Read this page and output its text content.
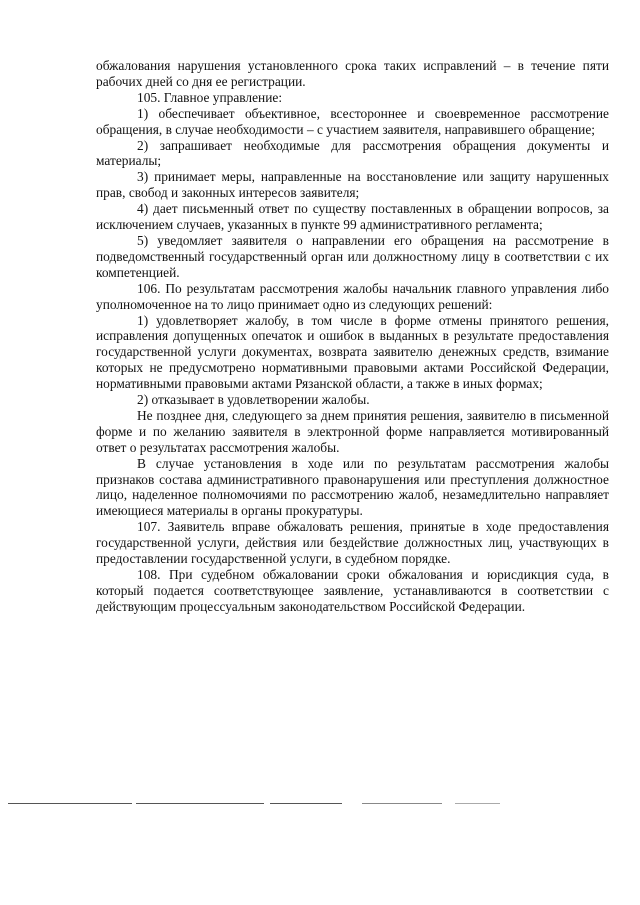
обжалования нарушения установленного срока таких исправлений – в течение пяти рабочих дней со дня ее регистрации.

105. Главное управление:

1) обеспечивает объективное, всестороннее и своевременное рассмотрение обращения, в случае необходимости – с участием заявителя, направившего обращение;

2) запрашивает необходимые для рассмотрения обращения документы и материалы;

3) принимает меры, направленные на восстановление или защиту нарушенных прав, свобод и законных интересов заявителя;

4) дает письменный ответ по существу поставленных в обращении вопросов, за исключением случаев, указанных в пункте 99 административного регламента;

5) уведомляет заявителя о направлении его обращения на рассмотрение в подведомственный государственный орган или должностному лицу в соответствии с их компетенцией.

106. По результатам рассмотрения жалобы начальник главного управления либо уполномоченное на то лицо принимает одно из следующих решений:

1) удовлетворяет жалобу, в том числе в форме отмены принятого решения, исправления допущенных опечаток и ошибок в выданных в результате предоставления государственной услуги документах, возврата заявителю денежных средств, взимание которых не предусмотрено нормативными правовыми актами Российской Федерации, нормативными правовыми актами Рязанской области, а также в иных формах;

2) отказывает в удовлетворении жалобы.

Не позднее дня, следующего за днем принятия решения, заявителю в письменной форме и по желанию заявителя в электронной форме направляется мотивированный ответ о результатах рассмотрения жалобы.

В случае установления в ходе или по результатам рассмотрения жалобы признаков состава административного правонарушения или преступления должностное лицо, наделенное полномочиями по рассмотрению жалоб, незамедлительно направляет имеющиеся материалы в органы прокуратуры.

107. Заявитель вправе обжаловать решения, принятые в ходе предоставления государственной услуги, действия или бездействие должностных лиц, участвующих в предоставлении государственной услуги, в судебном порядке.

108. При судебном обжаловании сроки обжалования и юрисдикция суда, в который подается соответствующее заявление, устанавливаются в соответствии с действующим процессуальным законодательством Российской Федерации.
